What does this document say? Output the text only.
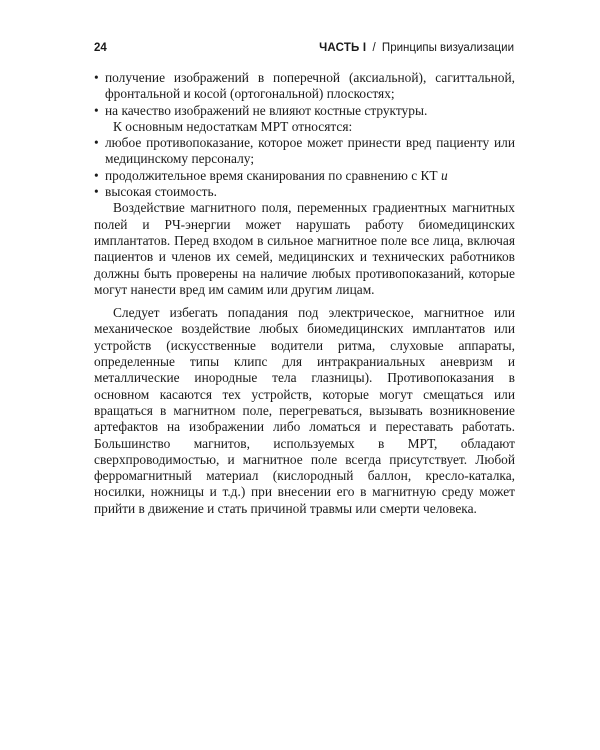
24	ЧАСТЬ I / Принципы визуализации
• получение изображений в поперечной (аксиальной), сагиттальной, фронтальной и косой (ортогональной) плоскостях;
• на качество изображений не влияют костные структуры.

К основным недостаткам МРТ относятся:

• любое противопоказание, которое может принести вред пациенту или медицинскому персоналу;
• продолжительное время сканирования по сравнению с КТ и
• высокая стоимость.

Воздействие магнитного поля, переменных градиентных магнитных полей и РЧ-энергии может нарушать работу биомедицинских имплантатов. Перед входом в сильное магнитное поле все лица, включая пациентов и членов их семей, медицинских и технических работников должны быть проверены на наличие любых противопоказаний, которые могут нанести вред им самим или другим лицам.

Следует избегать попадания под электрическое, магнитное или механическое воздействие любых биомедицинских имплантатов или устройств (искусственные водители ритма, слуховые аппараты, определенные типы клипс для интракраниальных аневризм и металлические инородные тела глазницы). Противопоказания в основном касаются тех устройств, которые могут смещаться или вращаться в магнитном поле, перегреваться, вызывать возникновение артефактов на изображении либо ломаться и переставать работать. Большинство магнитов, используемых в МРТ, обладают сверхпроводимостью, и магнитное поле всегда присутствует. Любой ферромагнитный материал (кислородный баллон, кресло-каталка, носилки, ножницы и т.д.) при внесении его в магнитную среду может прийти в движение и стать причиной травмы или смерти человека.
